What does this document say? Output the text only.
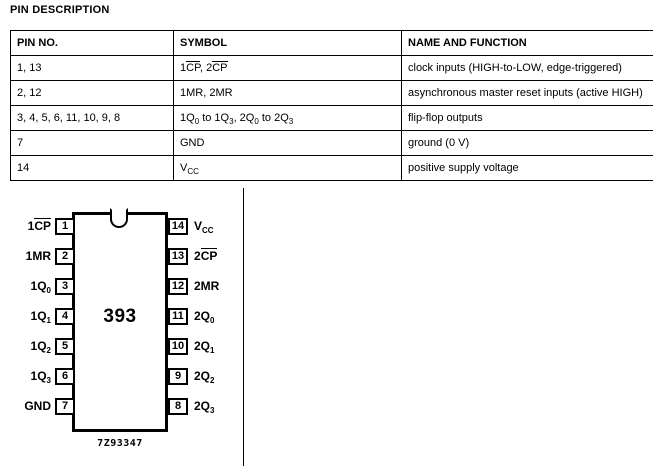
PIN DESCRIPTION
PIN NO.	SYMBOL	NAME AND FUNCTION
1, 13	1CP, 2CP	clock inputs (HIGH-to-LOW, edge-triggered)
2, 12	1MR, 2MR	asynchronous master reset inputs (active HIGH)
3, 4, 5, 6, 11, 10, 9, 8	$1Q_0$ to $1Q_3$, $2Q_0$ to $2Q_3$	flip-flop outputs
7	GND	ground (0 V)
14	$V_{CC}$	positive supply voltage
393
7Z93347
1
1CP
2
1MR
3
$1Q_0$
4
$1Q_1$
5
$1Q_2$
6
$1Q_3$
7
GND
14 $V_{CC}$
13 2CP
12 2MR
11 $2Q_0$
10 $2Q_1$
9	$2Q_2$
8	$2Q_3$
